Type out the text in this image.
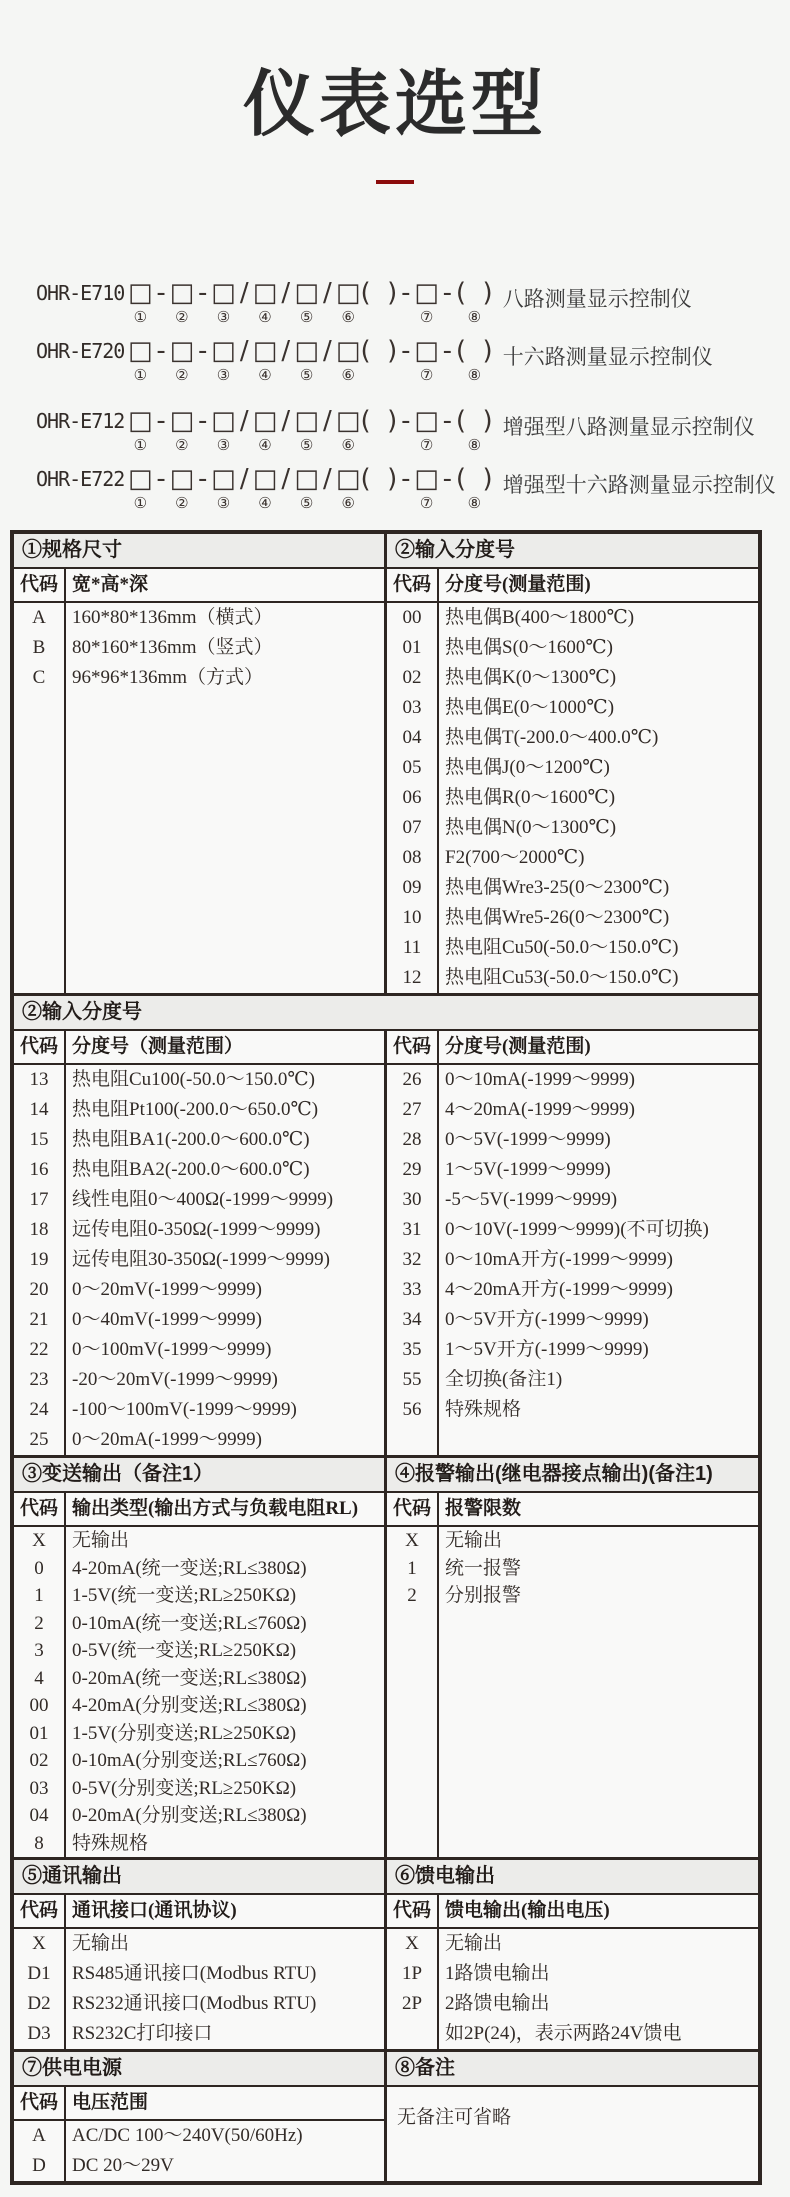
仪表选型
OHR-E710 □
①
- □
②
- □
③
/ □
④
/ □
⑤
/ □
⑥
(  ) - □
⑦
- (  )
⑧
八路测量显示控制仪
OHR-E720 □
①
- □
②
- □
③
/ □
④
/ □
⑤
/ □
⑥
(  ) - □
⑦
- (  )
⑧
十六路测量显示控制仪
OHR-E712 □
①
- □
②
- □
③
/ □
④
/ □
⑤
/ □
⑥
(  ) - □
⑦
- (  )
⑧
增强型八路测量显示控制仪
OHR-E722 □
①
- □
②
- □
③
/ □
④
/ □
⑤
/ □
⑥
(  ) - □
⑦
- (  )
⑧
增强型十六路测量显示控制仪
①规格尺寸
代码 宽*高*深
A	160*80*136mm（横式）
B	80*160*136mm（竖式）
C	96*96*136mm（方式）
②输入分度号
代码 分度号(测量范围)
00	热电偶B(400～1800℃)
01	热电偶S(0～1600℃)
02	热电偶K(0～1300℃)
03	热电偶E(0～1000℃)
04	热电偶T(-200.0～400.0℃)
05	热电偶J(0～1200℃)
06	热电偶R(0～1600℃)
07	热电偶N(0～1300℃)
08	F2(700～2000℃)
09	热电偶Wre3-25(0～2300℃)
10	热电偶Wre5-26(0～2300℃)
11	热电阻Cu50(-50.0～150.0℃)
12	热电阻Cu53(-50.0～150.0℃)
②输入分度号
代码 分度号（测量范围）
13	热电阻Cu100(-50.0～150.0℃)
14	热电阻Pt100(-200.0～650.0℃)
15	热电阻BA1(-200.0～600.0℃)
16	热电阻BA2(-200.0～600.0℃)
17	线性电阻0～400Ω(-1999～9999)
18	远传电阻0-350Ω(-1999～9999)
19	远传电阻30-350Ω(-1999～9999)
20	0～20mV(-1999～9999)
21	0～40mV(-1999～9999)
22	0～100mV(-1999～9999)
23	-20～20mV(-1999～9999)
24	-100～100mV(-1999～9999)
25	0～20mA(-1999～9999)
代码 分度号(测量范围)
26	0～10mA(-1999～9999)
27	4～20mA(-1999～9999)
28	0～5V(-1999～9999)
29	1～5V(-1999～9999)
30	-5～5V(-1999～9999)
31	0～10V(-1999～9999)(不可切换)
32	0～10mA开方(-1999～9999)
33	4～20mA开方(-1999～9999)
34	0～5V开方(-1999～9999)
35	1～5V开方(-1999～9999)
55	全切换(备注1)
56	特殊规格
③变送输出（备注1）
代码 输出类型(输出方式与负载电阻RL)
X	无输出
0	4-20mA(统一变送;RL≤380Ω)
1	1-5V(统一变送;RL≥250KΩ)
2	0-10mA(统一变送;RL≤760Ω)
3	0-5V(统一变送;RL≥250KΩ)
4	0-20mA(统一变送;RL≤380Ω)
00	4-20mA(分别变送;RL≤380Ω)
01	1-5V(分别变送;RL≥250KΩ)
02	0-10mA(分别变送;RL≤760Ω)
03	0-5V(分别变送;RL≥250KΩ)
04	0-20mA(分别变送;RL≤380Ω)
8	特殊规格
④报警输出(继电器接点输出)(备注1)
代码 报警限数
X	无输出
1	统一报警
2	分别报警
⑤通讯输出
代码 通讯接口(通讯协议)
X	无输出
D1	RS485通讯接口(Modbus RTU)
D2	RS232通讯接口(Modbus RTU)
D3	RS232C打印接口
⑥馈电输出
代码 馈电输出(输出电压)
X	无输出
1P	1路馈电输出
2P	2路馈电输出
如2P(24)，表示两路24V馈电
⑦供电电源
代码 电压范围
A	AC/DC 100～240V(50/60Hz)
D	DC 20～29V
⑧备注
无备注可省略
